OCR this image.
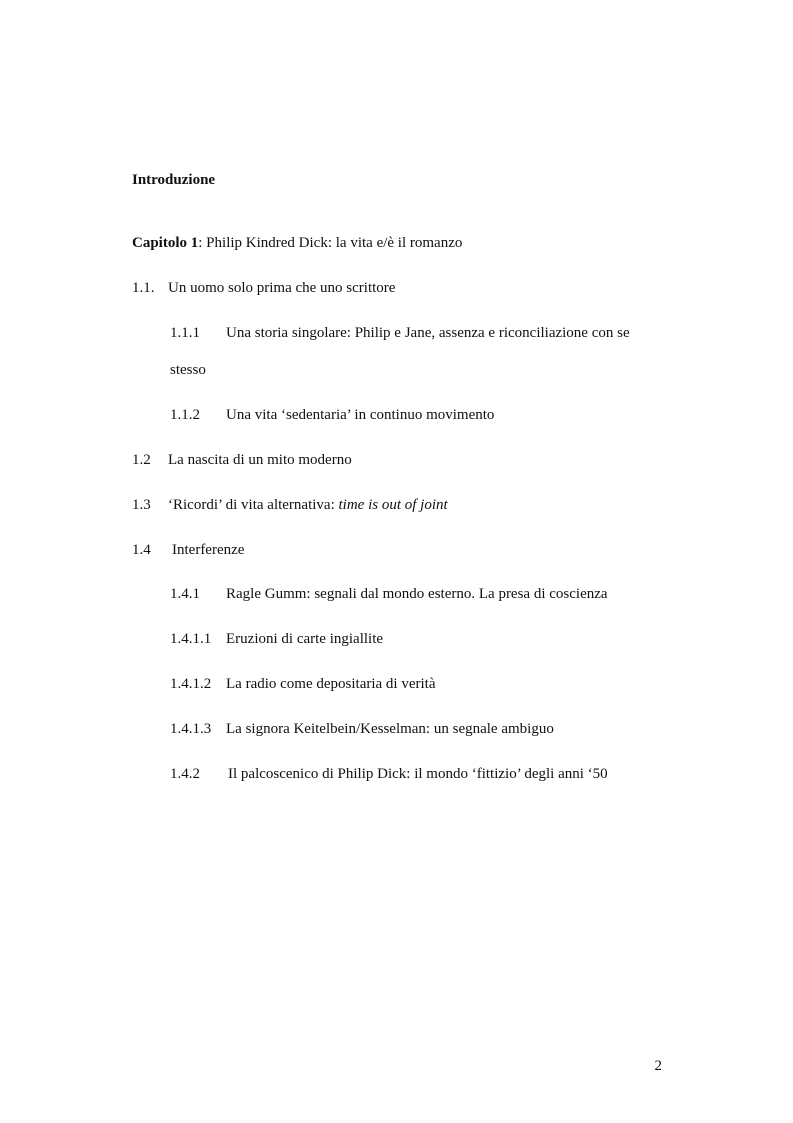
Introduzione
Capitolo 1: Philip Kindred Dick: la vita e/è il romanzo
1.1. Un uomo solo prima che uno scrittore
1.1.1 Una storia singolare: Philip e Jane, assenza e riconciliazione con se
stesso
1.1.2 Una vita ‘sedentaria’ in continuo movimento
1.2 La nascita di un mito moderno
1.3 ‘Ricordi’ di vita alternativa: time is out of joint
1.4 Interferenze
1.4.1 Ragle Gumm: segnali dal mondo esterno. La presa di coscienza
1.4.1.1 Eruzioni di carte ingiallite
1.4.1.2 La radio come depositaria di verità
1.4.1.3 La signora Keitelbein/Kesselman: un segnale ambiguo
1.4.2 Il palcoscenico di Philip Dick: il mondo ‘fittizio’ degli anni ‘50
2
